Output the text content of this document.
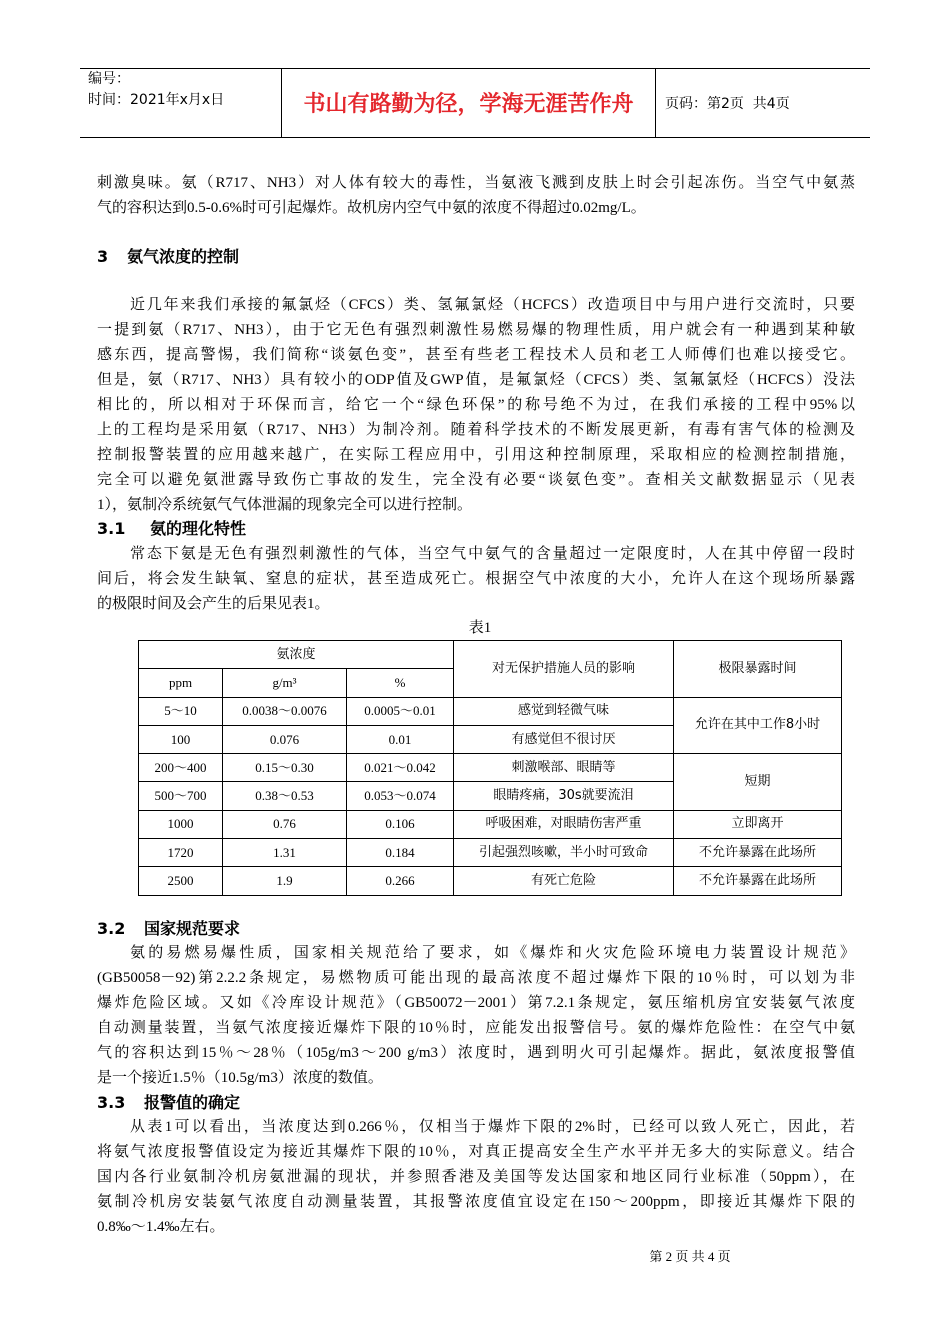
编号：
时间：2021年x月x日	书山有路勤为径，学海无涯苦作舟	页码：第2页  共4页
刺激臭味。氨（R717、NH3）对人体有较大的毒性，当氨液飞溅到皮肤上时会引起冻伤。当空气中氨蒸
气的容积达到0.5-0.6%时可引起爆炸。故机房内空气中氨的浓度不得超过0.02mg/L。
3 氨气浓度的控制
近几年来我们承接的氟氯烃（CFCS）类、氢氟氯烃（HCFCS）改造项目中与用户进行交流时，只要
一提到氨（R717、NH3），由于它无色有强烈刺激性易燃易爆的物理性质，用户就会有一种遇到某种敏
感东西，提高警惕，我们简称“谈氨色变”，甚至有些老工程技术人员和老工人师傅们也难以接受它。
但是，氨（R717、NH3）具有较小的ODP值及GWP值，是氟氯烃（CFCS）类、氢氟氯烃（HCFCS）没法
相比的，所以相对于环保而言，给它一个“绿色环保”的称号绝不为过，在我们承接的工程中95%以
上的工程均是采用氨（R717、NH3）为制冷剂。随着科学技术的不断发展更新，有毒有害气体的检测及
控制报警装置的应用越来越广，在实际工程应用中，引用这种控制原理，采取相应的检测控制措施，
完全可以避免氨泄露导致伤亡事故的发生，完全没有必要“谈氨色变”。查相关文献数据显示（见表
1），氨制冷系统氨气气体泄漏的现象完全可以进行控制。
3.1 氨的理化特性
常态下氨是无色有强烈刺激性的气体，当空气中氨气的含量超过一定限度时，人在其中停留一段时
间后，将会发生缺氧、窒息的症状，甚至造成死亡。根据空气中浓度的大小，允许人在这个现场所暴露
的极限时间及会产生的后果见表1。
表1
氨浓度			对无保护措施人员的影响	极限暴露时间
ppm	g/m³	%		
5～10	0.0038～0.0076	0.0005～0.01	感觉到轻微气味	允许在其中工作8小时
100	0.076	0.01	有感觉但不很讨厌	
200～400	0.15～0.30	0.021～0.042	刺激喉部、眼睛等	短期
500～700	0.38～0.53	0.053～0.074	眼睛疼痛，30s就要流泪	
1000	0.76	0.106	呼吸困难，对眼睛伤害严重	立即离开
1720	1.31	0.184	引起强烈咳嗽，半小时可致命	不允许暴露在此场所
2500	1.9	0.266	有死亡危险	不允许暴露在此场所
3.2 国家规范要求
氨的易燃易爆性质，国家相关规范给了要求，如《爆炸和火灾危险环境电力装置设计规范》
(GB50058－92)第2.2.2条规定，易燃物质可能出现的最高浓度不超过爆炸下限的10％时，可以划为非
爆炸危险区域。又如《冷库设计规范》（GB50072－2001）第7.2.1条规定，氨压缩机房宜安装氨气浓度
自动测量装置，当氨气浓度接近爆炸下限的10％时，应能发出报警信号。氨的爆炸危险性：在空气中氨
气的容积达到15％～28％（105g/m3～200 g/m3）浓度时，遇到明火可引起爆炸。据此，氨浓度报警值
是一个接近1.5％（10.5g/m3）浓度的数值。
3.3 报警值的确定
从表1可以看出，当浓度达到0.266％，仅相当于爆炸下限的2%时，已经可以致人死亡，因此，若
将氨气浓度报警值设定为接近其爆炸下限的10％，对真正提高安全生产水平并无多大的实际意义。结合
国内各行业氨制冷机房氨泄漏的现状，并参照香港及美国等发达国家和地区同行业标准（50ppm），在
氨制冷机房安装氨气浓度自动测量装置，其报警浓度值宜设定在150～200ppm，即接近其爆炸下限的
0.8‰～1.4‰左右。
第 2 页 共 4 页
